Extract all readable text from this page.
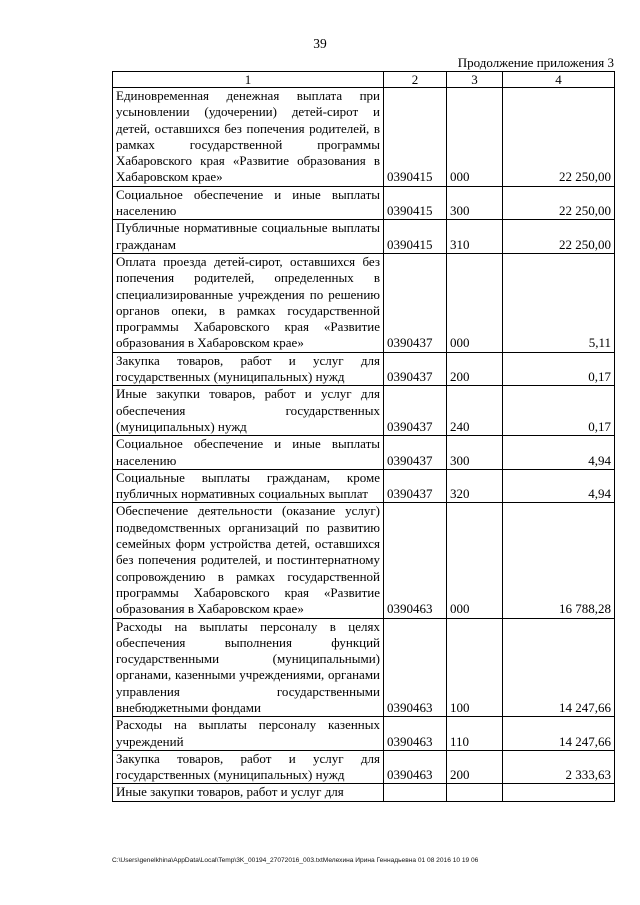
39
Продолжение приложения 3
1	2	3	4
Единовременная денежная выплата при усыновлении (удочерении) детей-сирот и детей, оставшихся без попечения родителей, в рамках государственной программы Хабаровского края «Развитие образования в Хабаровском крае»	0390415	000	22 250,00
Социальное обеспечение и иные выплаты населению	0390415	300	22 250,00
Публичные нормативные социальные выплаты гражданам	0390415	310	22 250,00
Оплата проезда детей-сирот, оставшихся без попечения родителей, определенных в специализированные учреждения по решению органов опеки, в рамках государственной программы Хабаровского края «Развитие образования в Хабаровском крае»	0390437	000	5,11
Закупка товаров, работ и услуг для государственных (муниципальных) нужд	0390437	200	0,17
Иные закупки товаров, работ и услуг для обеспечения государственных (муниципальных) нужд	0390437	240	0,17
Социальное обеспечение и иные выплаты населению	0390437	300	4,94
Социальные выплаты гражданам, кроме публичных нормативных социальных выплат	0390437	320	4,94
Обеспечение деятельности (оказание услуг) подведомственных организаций по развитию семейных форм устройства детей, оставшихся без попечения родителей, и постинтернатному сопровождению в рамках государственной программы Хабаровского края «Развитие образования в Хабаровском крае»	0390463	000	16 788,28
Расходы на выплаты персоналу в целях обеспечения выполнения функций государственными (муниципальными) органами, казенными учреждениями, органами управления государственными внебюджетными фондами	0390463	100	14 247,66
Расходы на выплаты персоналу казенных учреждений	0390463	110	14 247,66
Закупка товаров, работ и услуг для государственных (муниципальных) нужд	0390463	200	2 333,63
Иные закупки товаров, работ и услуг для			
C:\Users\genelkhina\AppData\Local\Temp\3K_00194_27072016_003.txtМелехина Ирина Геннадьевна 01 08 2016 10 19 06
